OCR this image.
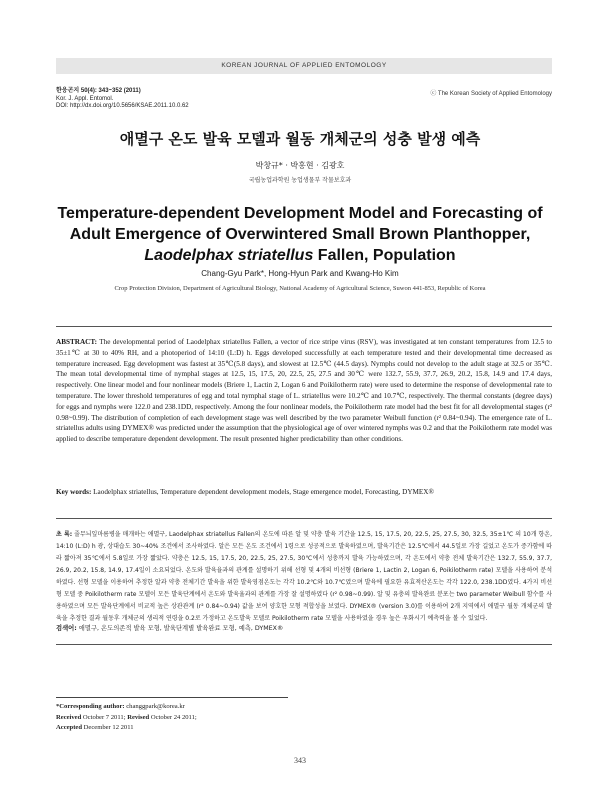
KOREAN JOURNAL OF APPLIED ENTOMOLOGY
한응곤지 50(4): 343~352 (2011)
Kor. J. Appl. Entomol.
DOI: http://dx.doi.org/10.5656/KSAE.2011.10.0.62
ⓒ The Korean Society of Applied Entomology
애멸구 온도 발육 모델과 월동 개체군의 성충 발생 예측
박창규* · 박홍현 · 김광호
국립농업과학원 농업생물부 작물보호과
Temperature-dependent Development Model and Forecasting of Adult Emergence of Overwintered Small Brown Planthopper, Laodelphax striatellus Fallen, Population
Chang-Gyu Park*, Hong-Hyun Park and Kwang-Ho Kim
Crop Protection Division, Department of Agricultural Biology, National Academy of Agricultural Science, Suwon 441-853, Republic of Korea
ABSTRACT: The developmental period of Laodelphax striatellus Fallen, a vector of rice stripe virus (RSV), was investigated at ten constant temperatures from 12.5 to 35±1℃ at 30 to 40% RH, and a photoperiod of 14:10 (L:D) h. Eggs developed successfully at each temperature tested and their developmental time decreased as temperature increased. Egg development was fastest at 35℃(5.8 days), and slowest at 12.5℃ (44.5 days). Nymphs could not develop to the adult stage at 32.5 or 35℃. The mean total developmental time of nymphal stages at 12.5, 15, 17.5, 20, 22.5, 25, 27.5 and 30℃ were 132.7, 55.9, 37.7, 26.9, 20.2, 15.8, 14.9 and 17.4 days, respectively. One linear model and four nonlinear models (Briere 1, Lactin 2, Logan 6 and Poikilotherm rate) were used to determine the response of developmental rate to temperature. The lower threshold temperatures of egg and total nymphal stage of L. striatellus were 10.2℃ and 10.7℃, respectively. The thermal constants (degree days) for eggs and nymphs were 122.0 and 238.1DD, respectively. Among the four nonlinear models, the Poikilotherm rate model had the best fit for all developmental stages (r² 0.98~0.99). The distribution of completion of each development stage was well described by the two parameter Weibull function (r² 0.84~0.94). The emergence rate of L. striatellus adults using DYMEX® was predicted under the assumption that the physiological age of over wintered nymphs was 0.2 and that the Poikilotherm rate model was applied to describe temperature dependent development. The result presented higher predictability than other conditions.
Key words: Laodelphax striatellus, Temperature dependent development models, Stage emergence model, Forecasting, DYMEX®
초 록: 줄무늬잎마름병을 매개하는 애멸구, Laodelphax striatellus Fallen의 온도에 따른 알 및 약충 발육 기간을 12.5, 15, 17.5, 20, 22.5, 25, 27.5, 30, 32.5, 35±1℃ 의 10개 항온, 14:10 (L:D) h 광, 상대습도 30~40% 조건에서 조사하였다. 알은 모든 온도 조건에서 1령으로 성공적으로 발육하였으며, 발육기간은 12.5℃에서 44.5일로 가장 길었고 온도가 증가함에 따라 짧아져 35℃에서 5.8일로 가장 짧았다. 약충은 12.5, 15, 17.5, 20, 22.5, 25, 27.5, 30℃에서 성충까지 발육 가능하였으며, 각 온도에서 약충 전체 발육기간은 132.7, 55.9, 37.7, 26.9, 20.2, 15.8, 14.9, 17.4일이 소요되었다. 온도와 발육율과의 관계를 설명하기 위해 선형 및 4개의 비선형 (Briere 1, Lactin 2, Logan 6, Poikilotherm rate) 모델을 사용하여 분석하였다. 선형 모델을 이용하여 추정한 알과 약충 전체기간 발육을 위한 발육영점온도는 각각 10.2℃와 10.7℃였으며 발육에 필요한 유효적산온도는 각각 122.0, 238.1DD였다. 4가지 비선형 모델 중 Poikilotherm rate 모델이 모든 발육단계에서 온도와 발육율과의 관계를 가장 잘 설명하였다 (r² 0.98~0.99). 알 및 유충의 발육완료 분포는 two parameter Weibull 함수를 사용하였으며 모든 발육단계에서 비교적 높은 상관관계 (r² 0.84~0.94) 값을 보여 양호한 모형 적합성을 보였다. DYMEX® (version 3.0)를 이용하여 2개 지역에서 애멸구 월동 개체군의 발육을 추정한 결과 월동후 개체군의 생리적 연령을 0.2로 가정하고 온도발육 모델로 Poikilotherm rate 모델을 사용하였을 경우 높은 우화시기 예측력을 볼 수 있었다.
검색어: 애멸구, 온도의존적 발육 모형, 발육단계별 발육완료 모형, 예측, DYMEX®
*Corresponding author: changgpark@korea.kr
Received October 7 2011; Revised October 24 2011;
Accepted December 12 2011
343
